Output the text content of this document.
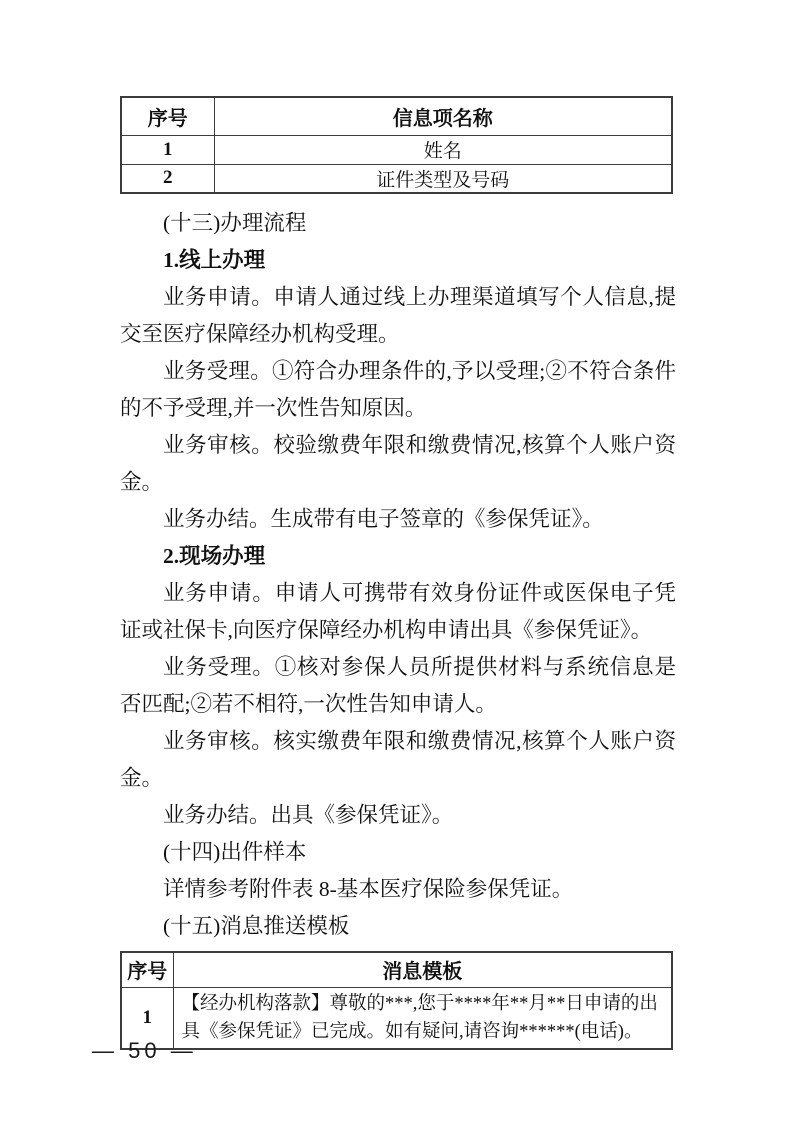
序号	信息项名称
1	姓名
2	证件类型及号码

(十三)办理流程

1.线上办理

业务申请。申请人通过线上办理渠道填写个人信息,提交至医疗保障经办机构受理。

业务受理。①符合办理条件的,予以受理;②不符合条件的不予受理,并一次性告知原因。

业务审核。校验缴费年限和缴费情况,核算个人账户资金。

业务办结。生成带有电子签章的《参保凭证》。

2.现场办理

业务申请。申请人可携带有效身份证件或医保电子凭证或社保卡,向医疗保障经办机构申请出具《参保凭证》。

业务受理。①核对参保人员所提供材料与系统信息是否匹配;②若不相符,一次性告知申请人。

业务审核。核实缴费年限和缴费情况,核算个人账户资金。

业务办结。出具《参保凭证》。

(十四)出件样本

详情参考附件表 8-基本医疗保险参保凭证。

(十五)消息推送模板

序号	消息模板
1	【经办机构落款】尊敬的***,您于****年**月**日申请的出具《参保凭证》已完成。如有疑问,请咨询******(电话)。
— 50 —
